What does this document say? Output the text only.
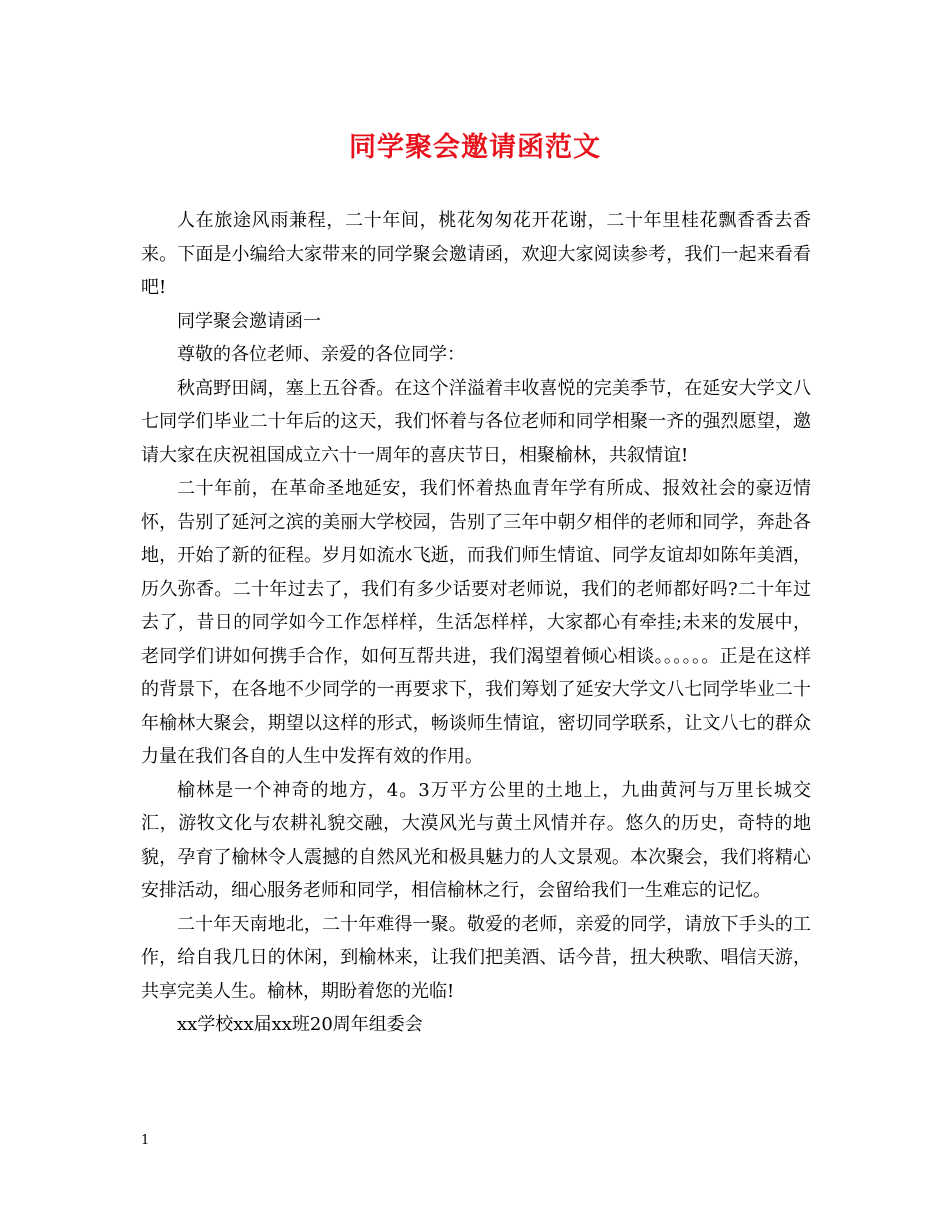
同学聚会邀请函范文

人在旅途风雨兼程，二十年间，桃花匆匆花开花谢，二十年里桂花飘香香去香来。下面是小编给大家带来的同学聚会邀请函，欢迎大家阅读参考，我们一起来看看吧!

同学聚会邀请函一

尊敬的各位老师、亲爱的各位同学：

秋高野田阔，塞上五谷香。在这个洋溢着丰收喜悦的完美季节，在延安大学文八七同学们毕业二十年后的这天，我们怀着与各位老师和同学相聚一齐的强烈愿望，邀请大家在庆祝祖国成立六十一周年的喜庆节日，相聚榆林，共叙情谊!

二十年前，在革命圣地延安，我们怀着热血青年学有所成、报效社会的豪迈情怀，告别了延河之滨的美丽大学校园，告别了三年中朝夕相伴的老师和同学，奔赴各地，开始了新的征程。岁月如流水飞逝，而我们师生情谊、同学友谊却如陈年美酒，历久弥香。二十年过去了，我们有多少话要对老师说，我们的老师都好吗?二十年过去了，昔日的同学如今工作怎样样，生活怎样样，大家都心有牵挂;未来的发展中，老同学们讲如何携手合作，如何互帮共进，我们渴望着倾心相谈。。。。。。正是在这样的背景下，在各地不少同学的一再要求下，我们筹划了延安大学文八七同学毕业二十年榆林大聚会，期望以这样的形式，畅谈师生情谊，密切同学联系，让文八七的群众力量在我们各自的人生中发挥有效的作用。

榆林是一个神奇的地方，4。3万平方公里的土地上，九曲黄河与万里长城交汇，游牧文化与农耕礼貌交融，大漠风光与黄土风情并存。悠久的历史，奇特的地貌，孕育了榆林令人震撼的自然风光和极具魅力的人文景观。本次聚会，我们将精心安排活动，细心服务老师和同学，相信榆林之行，会留给我们一生难忘的记忆。

二十年天南地北，二十年难得一聚。敬爱的老师，亲爱的同学，请放下手头的工作，给自我几日的休闲，到榆林来，让我们把美酒、话今昔，扭大秧歌、唱信天游，共享完美人生。榆林，期盼着您的光临!

xx学校xx届xx班20周年组委会

1
